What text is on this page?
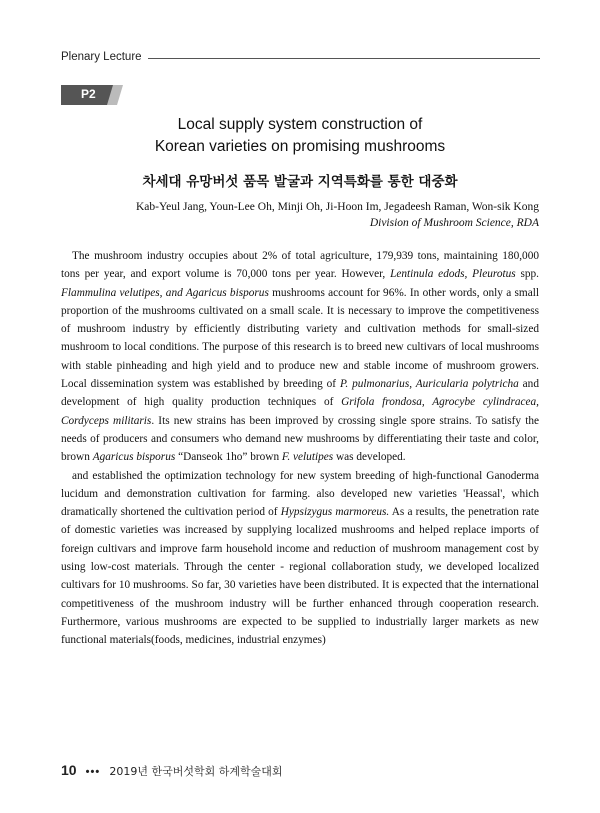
Plenary Lecture
P2
Local supply system construction of
Korean varieties on promising mushrooms
차세대 유망버섯 품목 발굴과 지역특화를 통한 대중화
Kab-Yeul Jang, Youn-Lee Oh, Minji Oh, Ji-Hoon Im, Jegadeesh Raman, Won-sik Kong
Division of Mushroom Science, RDA

The mushroom industry occupies about 2% of total agriculture, 179,939 tons, maintaining 180,000 tons per year, and export volume is 70,000 tons per year. However, Lentinula edods, Pleurotus spp. Flammulina velutipes, and Agaricus bisporus mushrooms account for 96%. In other words, only a small proportion of the mushrooms cultivated on a small scale. It is necessary to improve the competitiveness of mushroom industry by efficiently distributing variety and cultivation methods for small-sized mushroom to local conditions. The purpose of this research is to breed new cultivars of local mushrooms with stable pinheading and high yield and to produce new and stable income of mushroom growers. Local dissemination system was established by breeding of P. pulmonarius, Auricularia polytricha and development of high quality production techniques of Grifola frondosa, Agrocybe cylindracea, Cordyceps militaris. Its new strains has been improved by crossing single spore strains. To satisfy the needs of producers and consumers who demand new mushrooms by differentiating their taste and color, brown Agaricus bisporus “Danseok 1ho” brown F. velutipes was developed.

and established the optimization technology for new system breeding of high-functional Ganoderma lucidum and demonstration cultivation for farming. also developed new varieties 'Heassal', which dramatically shortened the cultivation period of Hypsizygus marmoreus. As a results, the penetration rate of domestic varieties was increased by supplying localized mushrooms and helped replace imports of foreign cultivars and improve farm household income and reduction of mushroom management cost by using low-cost materials. Through the center - regional collaboration study, we developed localized cultivars for 10 mushrooms. So far, 30 varieties have been distributed. It is expected that the international competitiveness of the mushroom industry will be further enhanced through cooperation research. Furthermore, various mushrooms are expected to be supplied to industrially larger markets as new functional materials(foods, medicines, industrial enzymes)

10 ••• 2019년 한국버섯학회 하계학술대회
